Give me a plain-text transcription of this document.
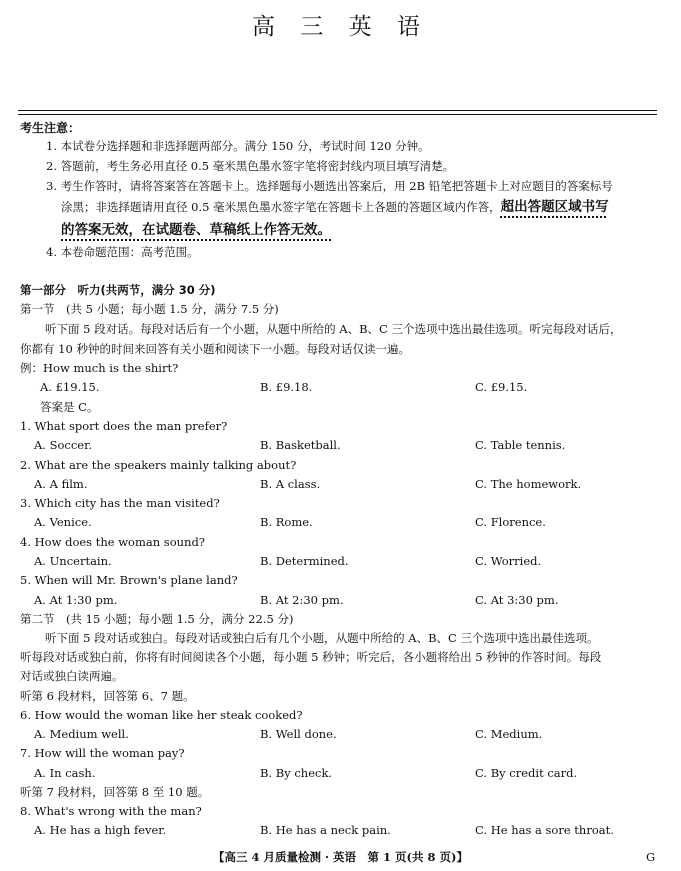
高 三 英 语
考生注意：
1. 本试卷分选择题和非选择题两部分。满分 150 分，考试时间 120 分钟。
2. 答题前，考生务必用直径 0.5 毫米黑色墨水签字笔将密封线内项目填写清楚。
3. 考生作答时，请将答案答在答题卡上。选择题每小题选出答案后，用 2B 铅笔把答题卡上对应题目的答案标号
涂黑；非选择题请用直径 0.5 毫米黑色墨水签字笔在答题卡上各题的答题区域内作答，超出答题区域书写
的答案无效，在试题卷、草稿纸上作答无效。
4. 本卷命题范围：高考范围。
第一部分　听力(共两节，满分 30 分)
第一节　(共 5 小题；每小题 1.5 分，满分 7.5 分)
听下面 5 段对话。每段对话后有一个小题，从题中所给的 A、B、C 三个选项中选出最佳选项。听完每段对话后，
你都有 10 秒钟的时间来回答有关小题和阅读下一小题。每段对话仅读一遍。
例：How much is the shirt?
A. £19.15.	B. £9.18.	C. £9.15.
答案是 C。
1. What sport does the man prefer?
A. Soccer.	B. Basketball.	C. Table tennis.
2. What are the speakers mainly talking about?
A. A film.	B. A class.	C. The homework.
3. Which city has the man visited?
A. Venice.	B. Rome.	C. Florence.
4. How does the woman sound?
A. Uncertain.	B. Determined.	C. Worried.
5. When will Mr. Brown's plane land?
A. At 1:30 pm.	B. At 2:30 pm.	C. At 3:30 pm.
第二节　(共 15 小题；每小题 1.5 分，满分 22.5 分)
听下面 5 段对话或独白。每段对话或独白后有几个小题，从题中所给的 A、B、C 三个选项中选出最佳选项。
听每段对话或独白前，你将有时间阅读各个小题，每小题 5 秒钟；听完后，各小题将给出 5 秒钟的作答时间。每段
对话或独白读两遍。
听第 6 段材料，回答第 6、7 题。
6. How would the woman like her steak cooked?
A. Medium well.	B. Well done.	C. Medium.
7. How will the woman pay?
A. In cash.	B. By check.	C. By credit card.
听第 7 段材料，回答第 8 至 10 题。
8. What's wrong with the man?
A. He has a high fever.	B. He has a neck pain.	C. He has a sore throat.
【高三 4 月质量检测 · 英语　第 1 页(共 8 页)】	G
